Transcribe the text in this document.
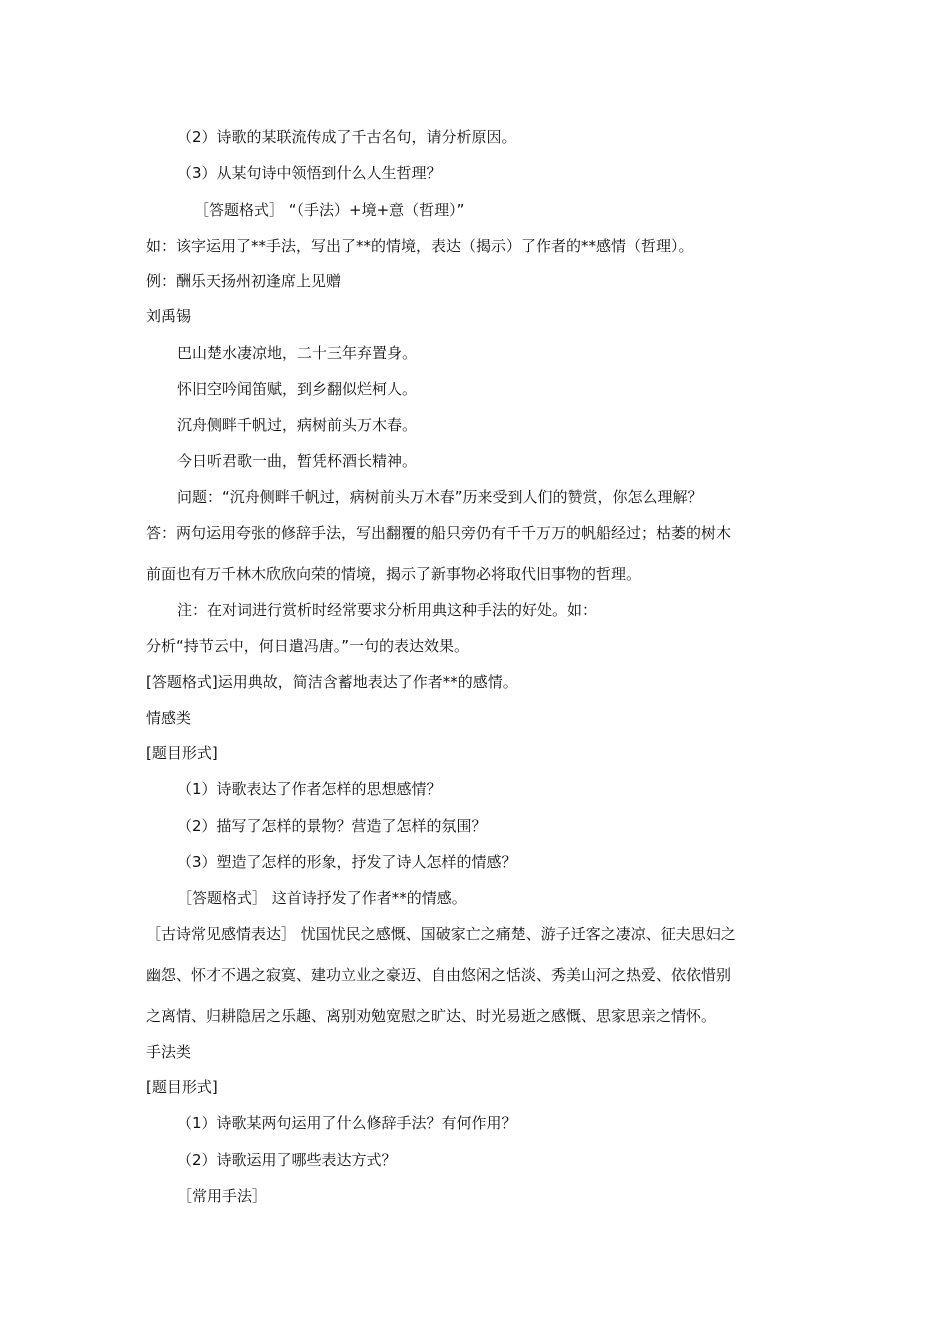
（2）诗歌的某联流传成了千古名句，请分析原因。
（3）从某句诗中领悟到什么人生哲理？
［答题格式］ “（手法）+境+意（哲理）”
如：该字运用了**手法，写出了**的情境，表达（揭示）了作者的**感情（哲理）。
例：酬乐天扬州初逢席上见赠
刘禹锡
巴山楚水凄凉地，二十三年弃置身。
怀旧空吟闻笛赋，到乡翻似烂柯人。
沉舟侧畔千帆过，病树前头万木春。
今日听君歌一曲，暂凭杯酒长精神。
问题：“沉舟侧畔千帆过，病树前头万木春”历来受到人们的赞赏，你怎么理解？
答：两句运用夸张的修辞手法，写出翻覆的船只旁仍有千千万万的帆船经过；枯萎的树木
前面也有万千林木欣欣向荣的情境，揭示了新事物必将取代旧事物的哲理。
注：在对词进行赏析时经常要求分析用典这种手法的好处。如：
分析“持节云中，何日遣冯唐。”一句的表达效果。
[答题格式]运用典故，简洁含蓄地表达了作者**的感情。
情感类
[题目形式]
（1）诗歌表达了作者怎样的思想感情？
（2）描写了怎样的景物？营造了怎样的氛围？
（3）塑造了怎样的形象，抒发了诗人怎样的情感？
［答题格式］ 这首诗抒发了作者**的情感。
［古诗常见感情表达］ 忧国忧民之感慨、国破家亡之痛楚、游子迁客之凄凉、征夫思妇之
幽怨、怀才不遇之寂寞、建功立业之豪迈、自由悠闲之恬淡、秀美山河之热爱、依依惜别
之离情、归耕隐居之乐趣、离别劝勉宽慰之旷达、时光易逝之感慨、思家思亲之情怀。
手法类
[题目形式]
（1）诗歌某两句运用了什么修辞手法？有何作用？
（2）诗歌运用了哪些表达方式？
［常用手法］
